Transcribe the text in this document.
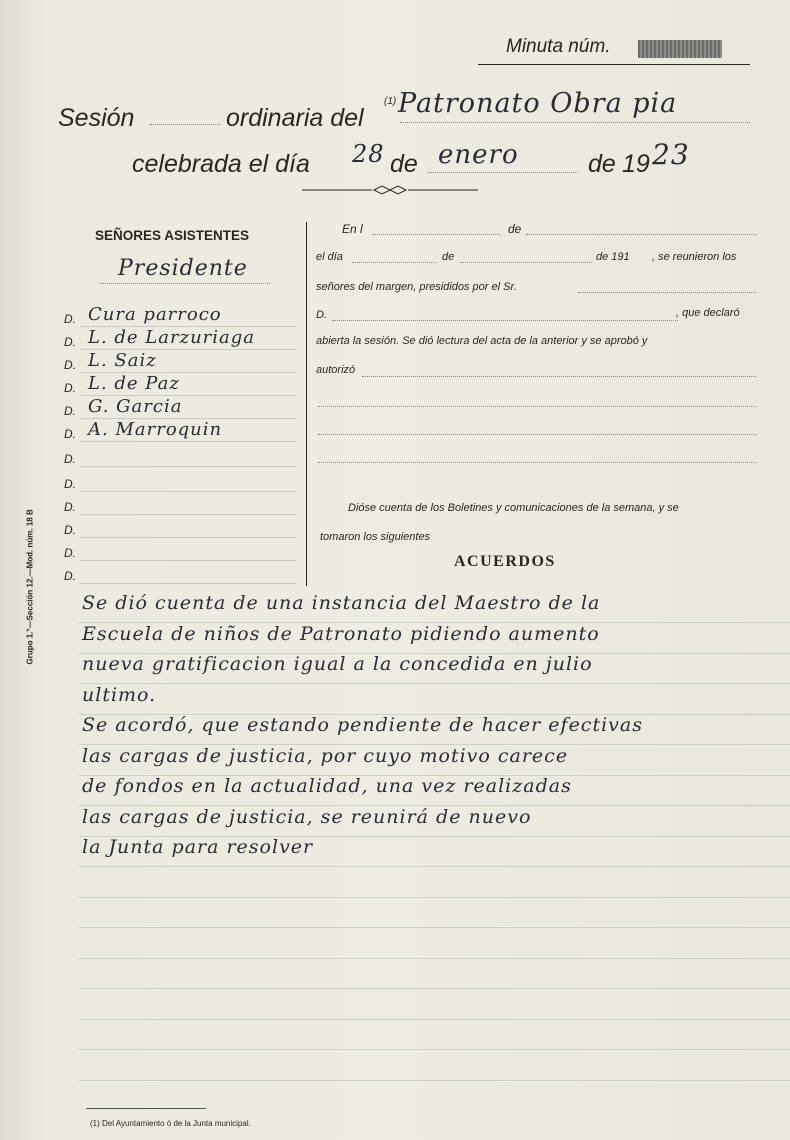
Minuta núm.
Sesión	ordinaria del
(1) Patronato Obra pia
celebrada el día 28 de enero	de 19 23
SEÑORES ASISTENTES
Presidente
D. Cura parroco
D. L. de Larzuriaga
D. L. Saiz
D. L. de Paz
D. G. Garcia
D. A. Marroquin
D.
D.
D.
D.
D.
D.
En l	de
el día	de	de 191 , se reunieron los
señores del margen, presididos por el Sr.
D.	, que declaró
abierta la sesión. Se dió lectura del acta de la anterior y se aprobó y
autorizó
Dióse cuenta de los Boletines y comunicaciones de la semana, y se
tomaron los siguientes
ACUERDOS
Se dió cuenta de una instancia del Maestro de la
Escuela de niños de Patronato pidiendo aumento
nueva gratificacion igual a la concedida en julio
ultimo.
Se acordó, que estando pendiente de hacer efectivas
las cargas de justicia, por cuyo motivo carece
de fondos en la actualidad, una vez realizadas
las cargas de justicia, se reunirá de nuevo
la Junta para resolver
Grupo 1.°—Sección 12.—Mod. núm. 18 B
(1) Del Ayuntamiento ó de la Junta municipal.
